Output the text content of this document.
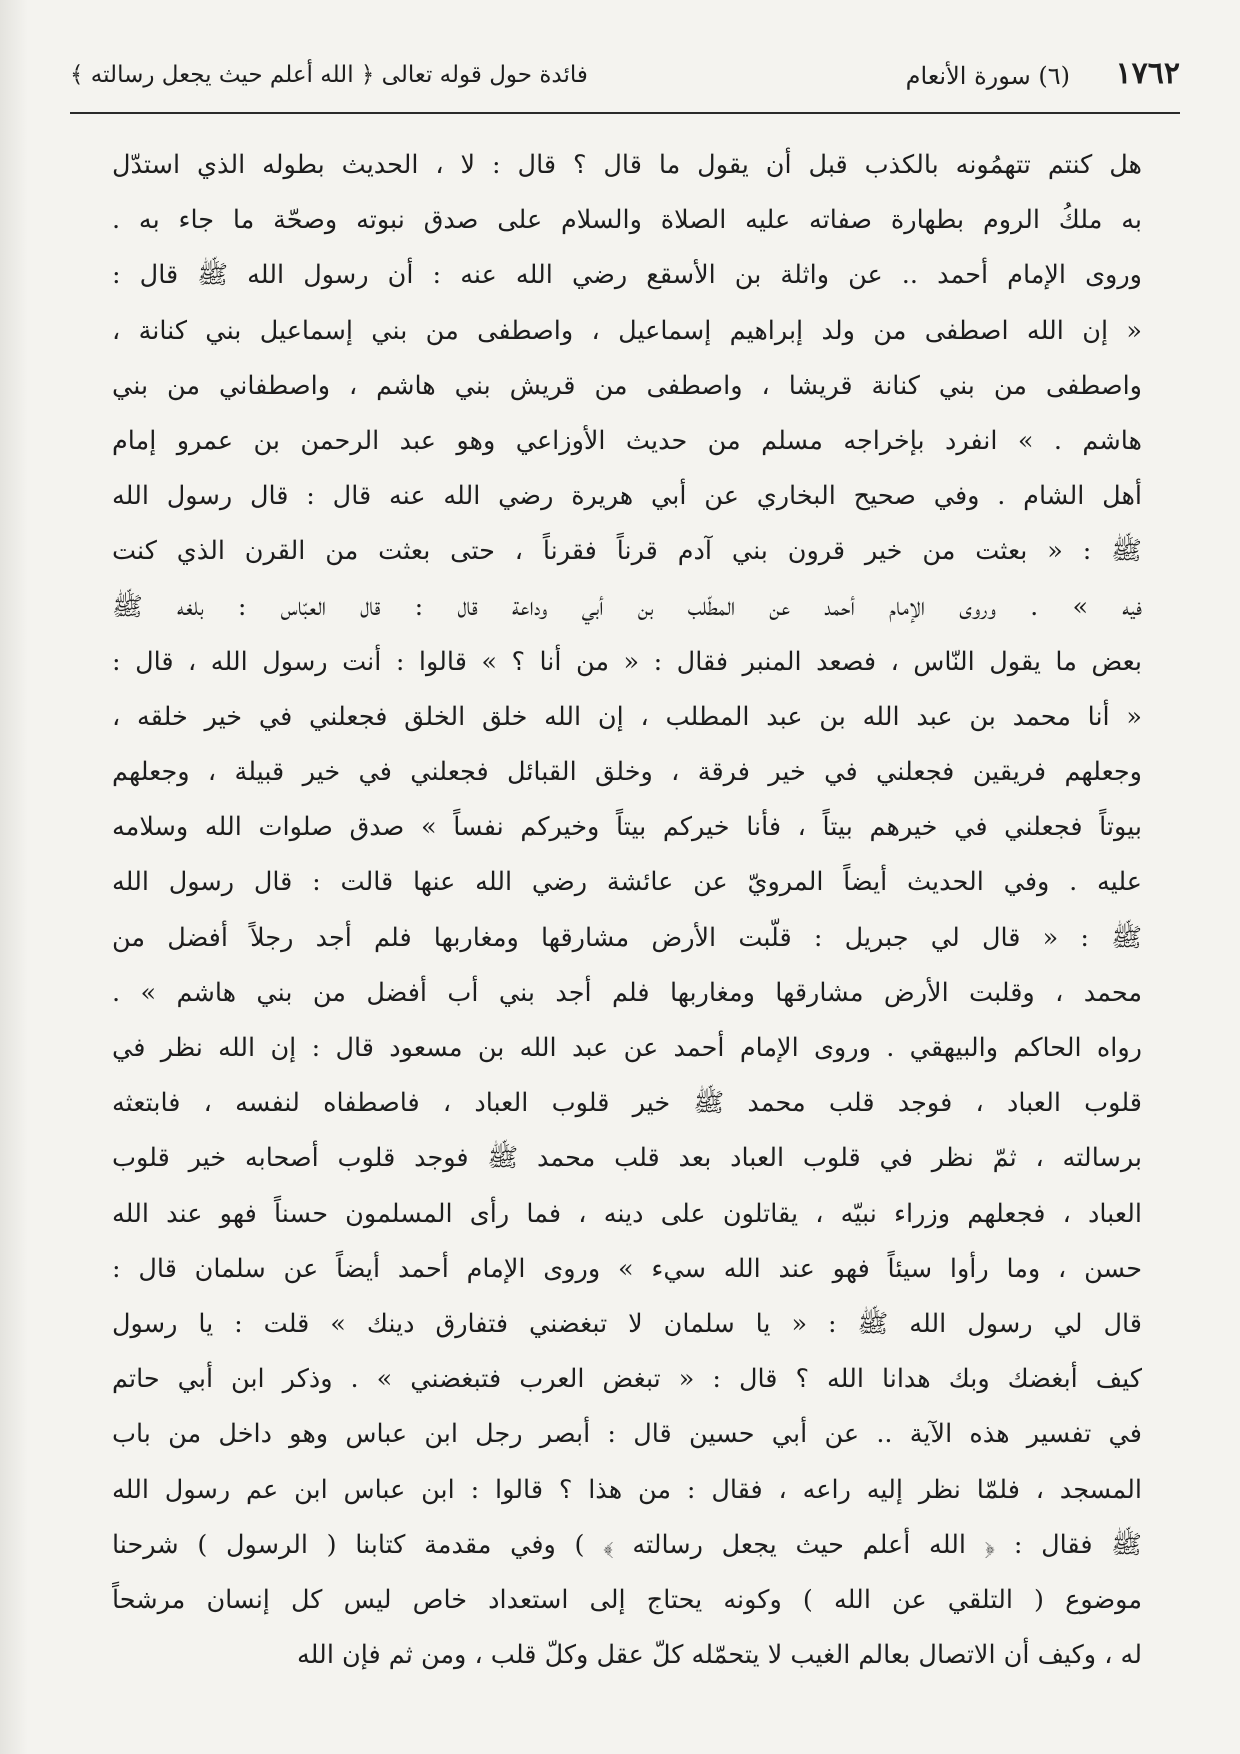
١٧٦٢
(٦) سورة الأنعام
فائدة حول قوله تعالى ﴿ الله أعلم حيث يجعل رسالته ﴾
هل كنتم تتهمُونه بالكذب قبل أن يقول ما قال ؟ قال : لا ، الحديث بطوله الذي استدّل
به ملكُ الروم بطهارة صفاته عليه الصلاة والسلام على صدق نبوته وصحّة ما جاء به .
وروى الإمام أحمد .. عن واثلة بن الأسقع رضي الله عنه : أن رسول الله ﷺ قال :
« إن الله اصطفى من ولد إبراهيم إسماعيل ، واصطفى من بني إسماعيل بني كنانة ،
واصطفى من بني كنانة قريشا ، واصطفى من قريش بني هاشم ، واصطفاني من بني
هاشم . » انفرد بإخراجه مسلم من حديث الأوزاعي وهو عبد الرحمن بن عمرو إمام
أهل الشام . وفي صحيح البخاري عن أبي هريرة رضي الله عنه قال : قال رسول الله
ﷺ : « بعثت من خير قرون بني آدم قرناً فقرناً ، حتى بعثت من القرن الذي كنت
فيه » . وروى الإمام أحمد عن المطّلب بن أبي وداعة قال : قال العبّاس : بلغه ﷺ
بعض ما يقول النّاس ، فصعد المنبر فقال : « من أنا ؟ » قالوا : أنت رسول الله ، قال :
« أنا محمد بن عبد الله بن عبد المطلب ، إن الله خلق الخلق فجعلني في خير خلقه ،
وجعلهم فريقين فجعلني في خير فرقة ، وخلق القبائل فجعلني في خير قبيلة ، وجعلهم
بيوتاً فجعلني في خيرهم بيتاً ، فأنا خيركم بيتاً وخيركم نفساً » صدق صلوات الله وسلامه
عليه . وفي الحديث أيضاً المرويّ عن عائشة رضي الله عنها قالت : قال رسول الله
ﷺ : « قال لي جبريل : قلّبت الأرض مشارقها ومغاربها فلم أجد رجلاً أفضل من
محمد ، وقلبت الأرض مشارقها ومغاربها فلم أجد بني أب أفضل من بني هاشم » .
رواه الحاكم والبيهقي . وروى الإمام أحمد عن عبد الله بن مسعود قال : إن الله نظر في
قلوب العباد ، فوجد قلب محمد ﷺ خير قلوب العباد ، فاصطفاه لنفسه ، فابتعثه
برسالته ، ثمّ نظر في قلوب العباد بعد قلب محمد ﷺ فوجد قلوب أصحابه خير قلوب
العباد ، فجعلهم وزراء نبيّه ، يقاتلون على دينه ، فما رأى المسلمون حسناً فهو عند الله
حسن ، وما رأوا سيئاً فهو عند الله سيء » وروى الإمام أحمد أيضاً عن سلمان قال :
قال لي رسول الله ﷺ : « يا سلمان لا تبغضني فتفارق دينك » قلت : يا رسول
كيف أبغضك وبك هدانا الله ؟ قال : « تبغض العرب فتبغضني » . وذكر ابن أبي حاتم
في تفسير هذه الآية .. عن أبي حسين قال : أبصر رجل ابن عباس وهو داخل من باب
المسجد ، فلمّا نظر إليه راعه ، فقال : من هذا ؟ قالوا : ابن عباس ابن عم رسول الله
ﷺ فقال : ﴿ الله أعلم حيث يجعل رسالته ﴾ ) وفي مقدمة كتابنا ( الرسول ) شرحنا
موضوع ( التلقي عن الله ) وكونه يحتاج إلى استعداد خاص ليس كل إنسان مرشحاً
له ، وكيف أن الاتصال بعالم الغيب لا يتحمّله كلّ عقل وكلّ قلب ، ومن ثم فإن الله
